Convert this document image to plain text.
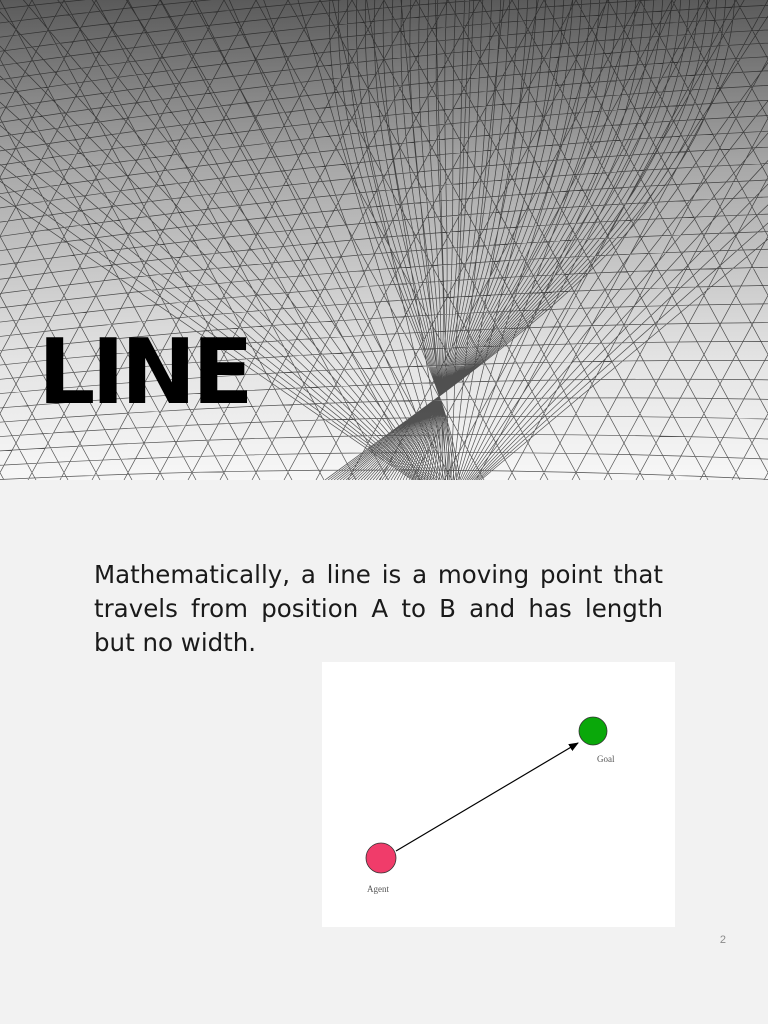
LINE

Mathematically, a line is a moving point that travels from position A to B and has length but no width.

Agent

Goal

2
